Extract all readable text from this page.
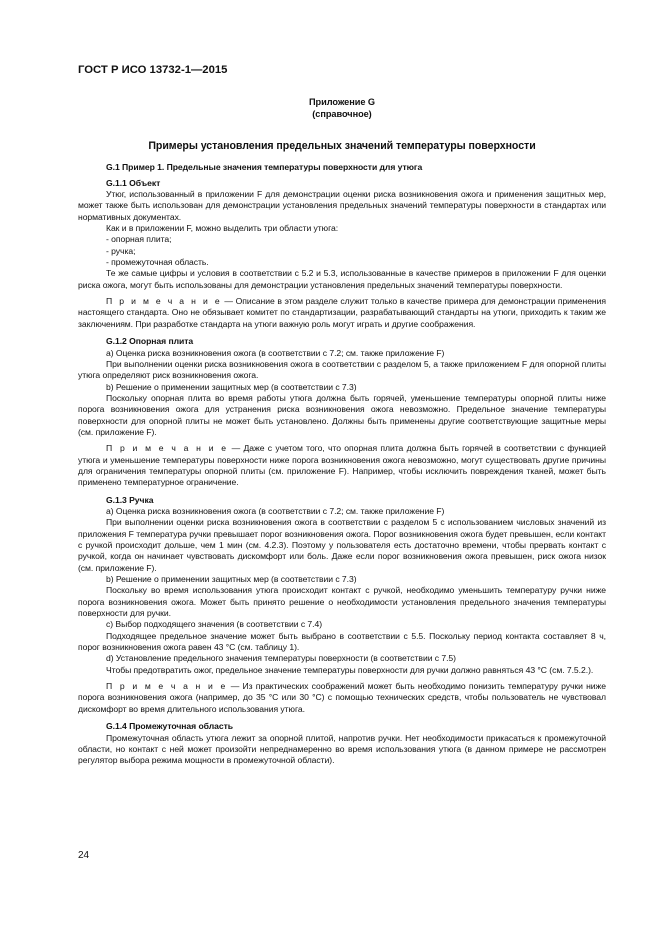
ГОСТ Р ИСО 13732-1—2015

Приложение G

(справочное)

Примеры установления предельных значений температуры поверхности

G.1 Пример 1. Предельные значения температуры поверхности для утюга

G.1.1 Объект

Утюг, использованный в приложении F для демонстрации оценки риска возникновения ожога и применения защитных мер, может также быть использован для демонстрации установления предельных значений температуры поверхности в стандартах или нормативных документах.

Как и в приложении F, можно выделить три области утюга:

- опорная плита;

- ручка;

- промежуточная область.

Те же самые цифры и условия в соответствии с 5.2 и 5.3, использованные в качестве примеров в приложении F для оценки риска ожога, могут быть использованы для демонстрации установления предельных значений температуры поверхности.

П р и м е ч а н и е — Описание в этом разделе служит только в качестве примера для демонстрации применения настоящего стандарта. Оно не обязывает комитет по стандартизации, разрабатывающий стандарты на утюги, приходить к таким же заключениям. При разработке стандарта на утюги важную роль могут играть и другие соображения.

G.1.2 Опорная плита

а) Оценка риска возникновения ожога (в соответствии с 7.2; см. также приложение F)

При выполнении оценки риска возникновения ожога в соответствии с разделом 5, а также приложением F для опорной плиты утюга определяют риск возникновения ожога.

b) Решение о применении защитных мер (в соответствии с 7.3)

Поскольку опорная плита во время работы утюга должна быть горячей, уменьшение температуры опорной плиты ниже порога возникновения ожога для устранения риска возникновения ожога невозможно. Предельное значение температуры поверхности для опорной плиты не может быть установлено. Должны быть применены другие соответствующие защитные меры (см. приложение F).

П р и м е ч а н и е — Даже с учетом того, что опорная плита должна быть горячей в соответствии с функцией утюга и уменьшение температуры поверхности ниже порога возникновения ожога невозможно, могут существовать другие причины для ограничения температуры опорной плиты (см. приложение F). Например, чтобы исключить повреждения тканей, может быть применено температурное ограничение.

G.1.3 Ручка

а) Оценка риска возникновения ожога (в соответствии с 7.2; см. также приложение F)

При выполнении оценки риска возникновения ожога в соответствии с разделом 5 с использованием числовых значений из приложения F температура ручки превышает порог возникновения ожога. Порог возникновения ожога будет превышен, если контакт с ручкой происходит дольше, чем 1 мин (см. 4.2.3). Поэтому у пользователя есть достаточно времени, чтобы прервать контакт с ручкой, когда он начинает чувствовать дискомфорт или боль. Даже если порог возникновения ожога превышен, риск ожога низок (см. приложение F).

b) Решение о применении защитных мер (в соответствии с 7.3)

Поскольку во время использования утюга происходит контакт с ручкой, необходимо уменьшить температуру ручки ниже порога возникновения ожога. Может быть принято решение о необходимости установления предельного значения температуры поверхности для ручки.

с) Выбор подходящего значения (в соответствии с 7.4)

Подходящее предельное значение может быть выбрано в соответствии с 5.5. Поскольку период контакта составляет 8 ч, порог возникновения ожога равен 43 °С (см. таблицу 1).

d) Установление предельного значения температуры поверхности (в соответствии с 7.5)

Чтобы предотвратить ожог, предельное значение температуры поверхности для ручки должно равняться 43 °С (см. 7.5.2.).

П р и м е ч а н и е — Из практических соображений может быть необходимо понизить температуру ручки ниже порога возникновения ожога (например, до 35 °С или 30 °С) с помощью технических средств, чтобы пользователь не чувствовал дискомфорт во время длительного использования утюга.

G.1.4 Промежуточная область

Промежуточная область утюга лежит за опорной плитой, напротив ручки. Нет необходимости прикасаться к промежуточной области, но контакт с ней может произойти непреднамеренно во время использования утюга (в данном примере не рассмотрен регулятор выбора режима мощности в промежуточной области).

24
